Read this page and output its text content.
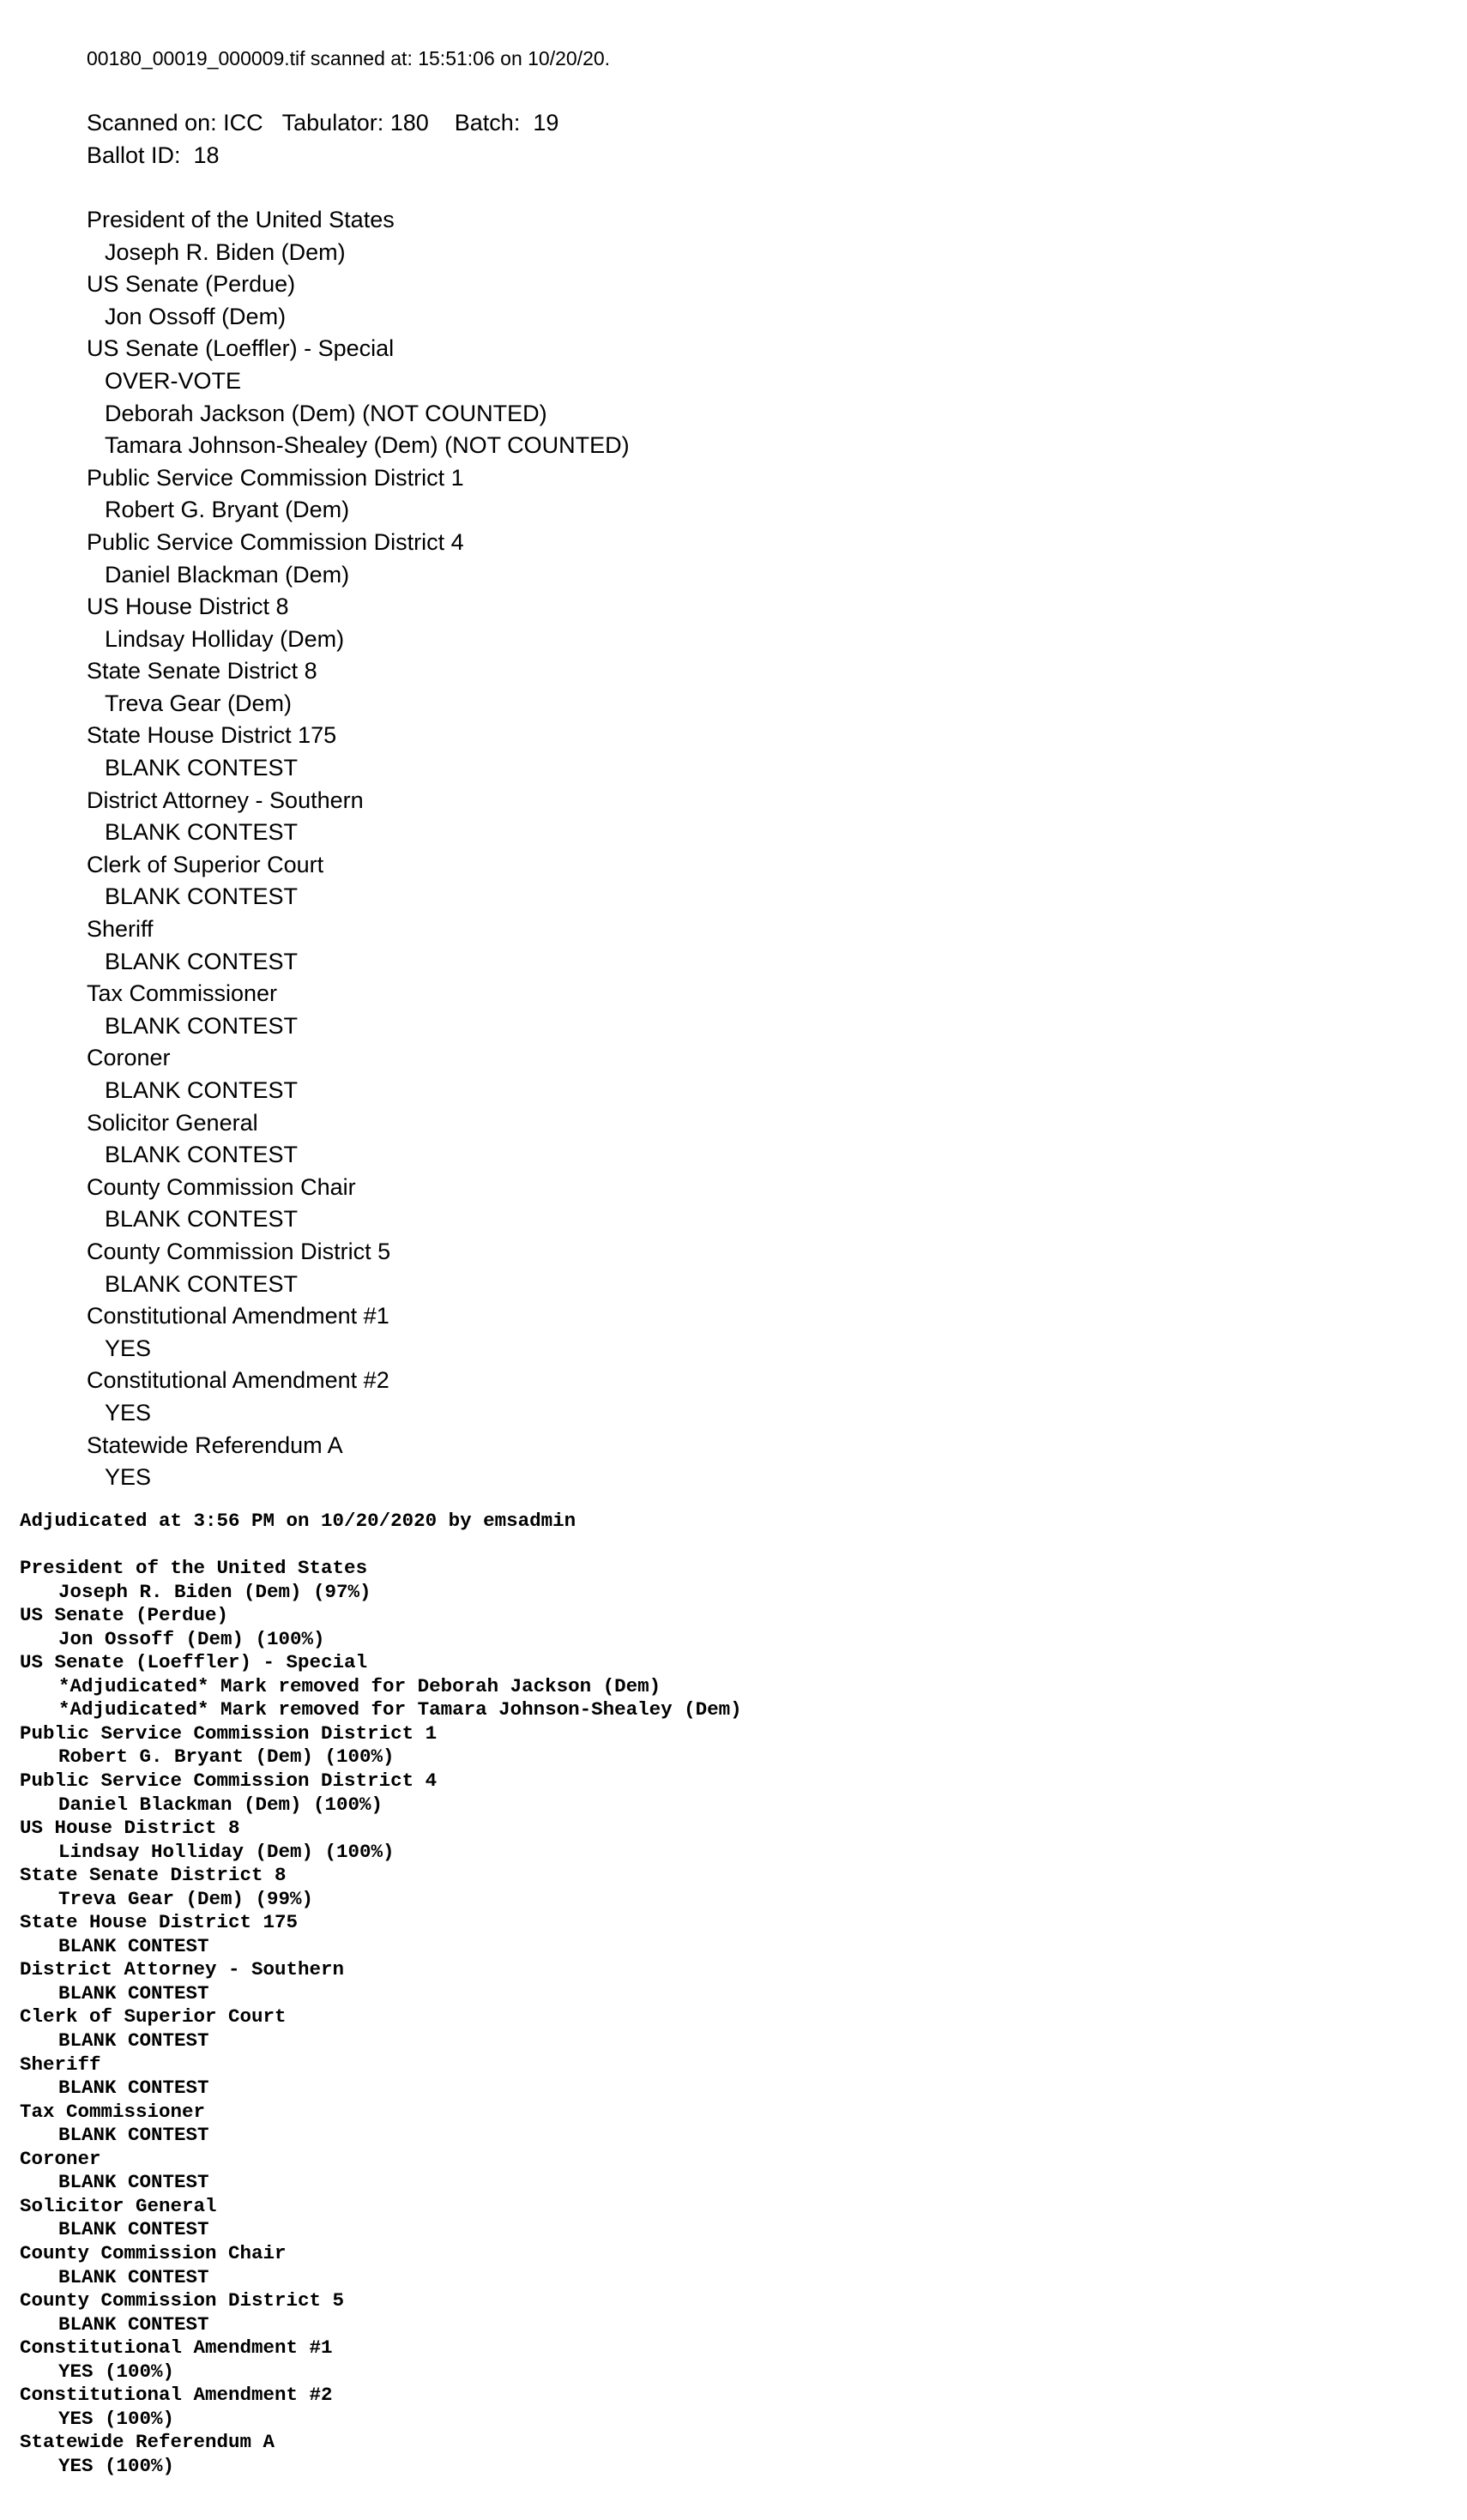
00180_00019_000009.tif scanned at: 15:51:06 on 10/20/20.
Scanned on: ICC   Tabulator: 180    Batch:  19
Ballot ID:  18
President of the United States
Joseph R. Biden (Dem)
US Senate (Perdue)
Jon Ossoff (Dem)
US Senate (Loeffler) - Special
OVER-VOTE
Deborah Jackson (Dem) (NOT COUNTED)
Tamara Johnson-Shealey (Dem) (NOT COUNTED)
Public Service Commission District 1
Robert G. Bryant (Dem)
Public Service Commission District 4
Daniel Blackman (Dem)
US House District 8
Lindsay Holliday (Dem)
State Senate District 8
Treva Gear (Dem)
State House District 175
BLANK CONTEST
District Attorney - Southern
BLANK CONTEST
Clerk of Superior Court
BLANK CONTEST
Sheriff
BLANK CONTEST
Tax Commissioner
BLANK CONTEST
Coroner
BLANK CONTEST
Solicitor General
BLANK CONTEST
County Commission Chair
BLANK CONTEST
County Commission District 5
BLANK CONTEST
Constitutional Amendment #1
YES
Constitutional Amendment #2
YES
Statewide Referendum A
YES
Adjudicated at 3:56 PM on 10/20/2020 by emsadmin
President of the United States
Joseph R. Biden (Dem) (97%)
US Senate (Perdue)
Jon Ossoff (Dem) (100%)
US Senate (Loeffler) - Special
*Adjudicated* Mark removed for Deborah Jackson (Dem)
*Adjudicated* Mark removed for Tamara Johnson-Shealey (Dem)
Public Service Commission District 1
Robert G. Bryant (Dem) (100%)
Public Service Commission District 4
Daniel Blackman (Dem) (100%)
US House District 8
Lindsay Holliday (Dem) (100%)
State Senate District 8
Treva Gear (Dem) (99%)
State House District 175
BLANK CONTEST
District Attorney - Southern
BLANK CONTEST
Clerk of Superior Court
BLANK CONTEST
Sheriff
BLANK CONTEST
Tax Commissioner
BLANK CONTEST
Coroner
BLANK CONTEST
Solicitor General
BLANK CONTEST
County Commission Chair
BLANK CONTEST
County Commission District 5
BLANK CONTEST
Constitutional Amendment #1
YES (100%)
Constitutional Amendment #2
YES (100%)
Statewide Referendum A
YES (100%)
